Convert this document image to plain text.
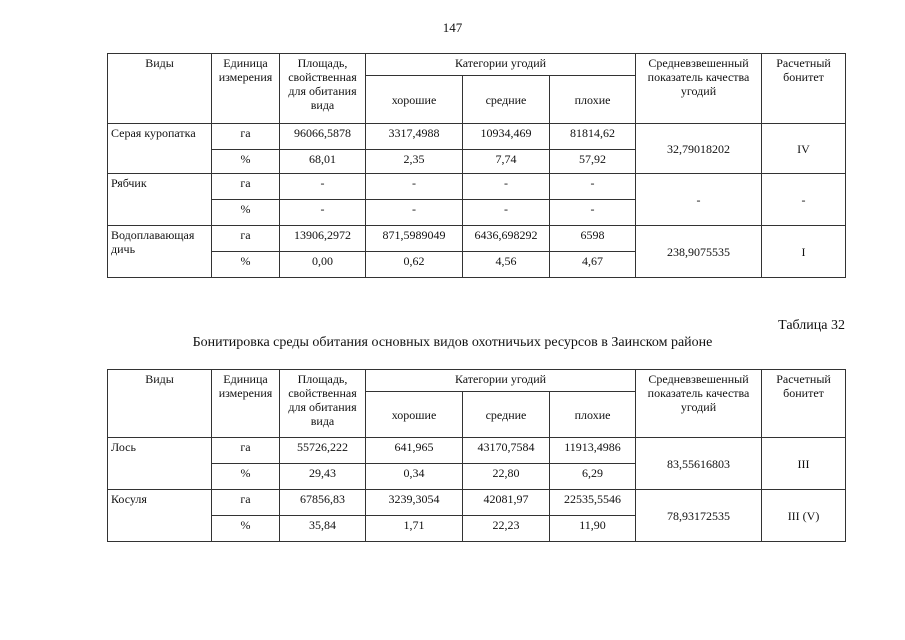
147
Виды	Единица измерения	Площадь, свойственная для обитания вида	Категории угодий			Средневзвешенный показатель качества угодий	Расчетный бонитет
			хорошие	средние	плохие		
Серая куропатка	га	96066,5878	3317,4988	10934,469	81814,62	32,79018202	IV
	%	68,01	2,35	7,74	57,92		
Рябчик	га	-	-	-	-	-	-
	%	-	-	-	-		
Водоплавающая дичь	га	13906,2972	871,5989049	6436,698292	6598	238,9075535	I
	%	0,00	0,62	4,56	4,67		
Таблица 32
Бонитировка среды обитания основных видов охотничьих ресурсов в Заинском районе
Виды	Единица измерения	Площадь, свойственная для обитания вида	Категории угодий			Средневзвешенный показатель качества угодий	Расчетный бонитет
			хорошие	средние	плохие		
Лось	га	55726,222	641,965	43170,7584	11913,4986	83,55616803	III
	%	29,43	0,34	22,80	6,29		
Косуля	га	67856,83	3239,3054	42081,97	22535,5546	78,93172535	III (V)
	%	35,84	1,71	22,23	11,90		
